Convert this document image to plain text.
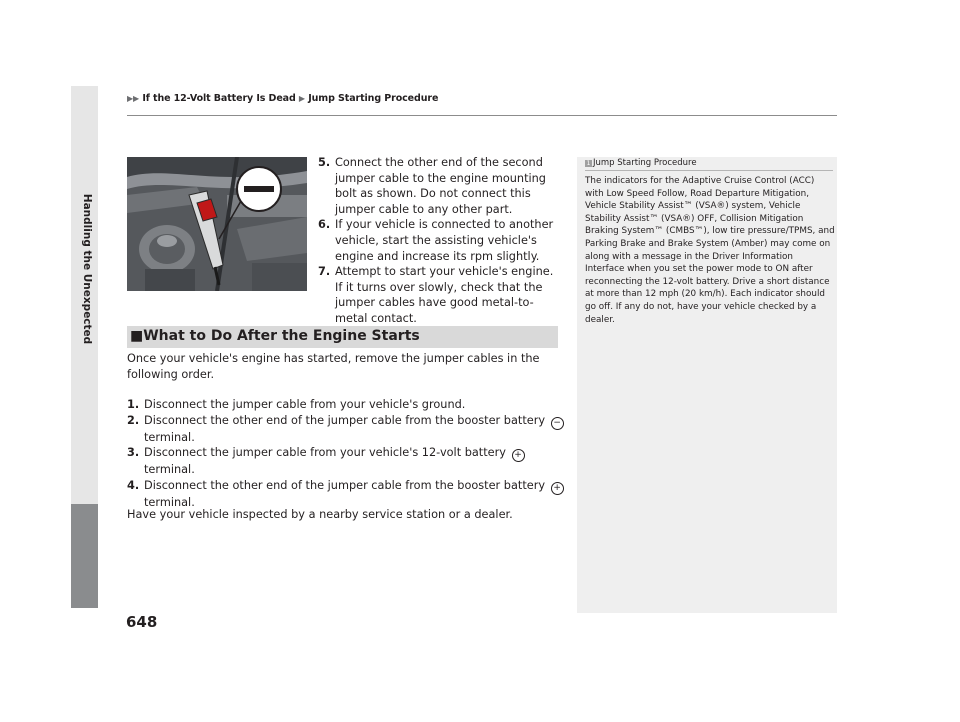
Handling the Unexpected
▶▶ If the 12-Volt Battery Is Dead ▶ Jump Starting Procedure

5. Connect the other end of the second jumper cable to the engine mounting bolt as shown. Do not connect this jumper cable to any other part.

6. If your vehicle is connected to another vehicle, start the assisting vehicle's engine and increase its rpm slightly.

7. Attempt to start your vehicle's engine. If it turns over slowly, check that the jumper cables have good metal-to-metal contact.

■What to Do After the Engine Starts

Once your vehicle's engine has started, remove the jumper cables in the following order.

1. Disconnect the jumper cable from your vehicle's ground.

2. Disconnect the other end of the jumper cable from the booster battery −
terminal.

3. Disconnect the jumper cable from your vehicle's 12-volt battery + terminal.

4. Disconnect the other end of the jumper cable from the booster battery +
terminal.

Have your vehicle inspected by a nearby service station or a dealer.

1 Jump Starting Procedure

The indicators for the Adaptive Cruise Control (ACC) with Low Speed Follow, Road Departure Mitigation, Vehicle Stability Assist™ (VSA®) system, Vehicle Stability Assist™ (VSA®) OFF, Collision Mitigation Braking System™ (CMBS™), low tire pressure/TPMS, and Parking Brake and Brake System (Amber) may come on along with a message in the Driver Information Interface when you set the power mode to ON after reconnecting the 12-volt battery. Drive a short distance at more than 12 mph (20 km/h). Each indicator should go off. If any do not, have your vehicle checked by a dealer.

648
